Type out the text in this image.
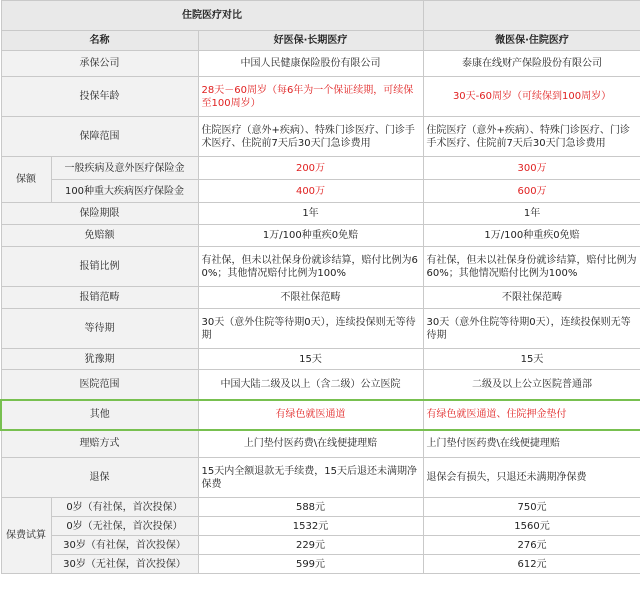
住院医疗对比			
名称		好医保·长期医疗	微医保·住院医疗
承保公司		中国人民健康保险股份有限公司	泰康在线财产保险股份有限公司
投保年龄		28天－60周岁（每6年为一个保证续期，可续保至100周岁）	30天-60周岁（可续保到100周岁）
保障范围		住院医疗（意外+疾病）、特殊门诊医疗、门诊手术医疗、住院前7天后30天门急诊费用	住院医疗（意外+疾病）、特殊门诊医疗、门诊手术医疗、住院前7天后30天门急诊费用
保额	一般疾病及意外医疗保险金	200万	300万
	100种重大疾病医疗保险金	400万	600万
保险期限		1年	1年
免赔额		1万/100种重疾0免赔	1万/100种重疾0免赔
报销比例		有社保，但未以社保身份就诊结算，赔付比例为60%；其他情况赔付比例为100%	有社保，但未以社保身份就诊结算，赔付比例为60%；其他情况赔付比例为100%
报销范畴		不限社保范畴	不限社保范畴
等待期		30天（意外住院等待期0天），连续投保则无等待期	30天（意外住院等待期0天），连续投保则无等待期
犹豫期		15天	15天
医院范围		中国大陆二级及以上（含二级）公立医院	二级及以上公立医院普通部
其他		有绿色就医通道	有绿色就医通道、住院押金垫付
理赔方式		上门垫付医药费\在线便捷理赔	上门垫付医药费\在线便捷理赔
退保		15天内全额退款无手续费，15天后退还未满期净保费	退保会有损失，只退还未满期净保费
保费试算	0岁（有社保，首次投保）	588元	750元
	0岁（无社保，首次投保）	1532元	1560元
	30岁（有社保，首次投保）	229元	276元
	30岁（无社保，首次投保）	599元	612元
